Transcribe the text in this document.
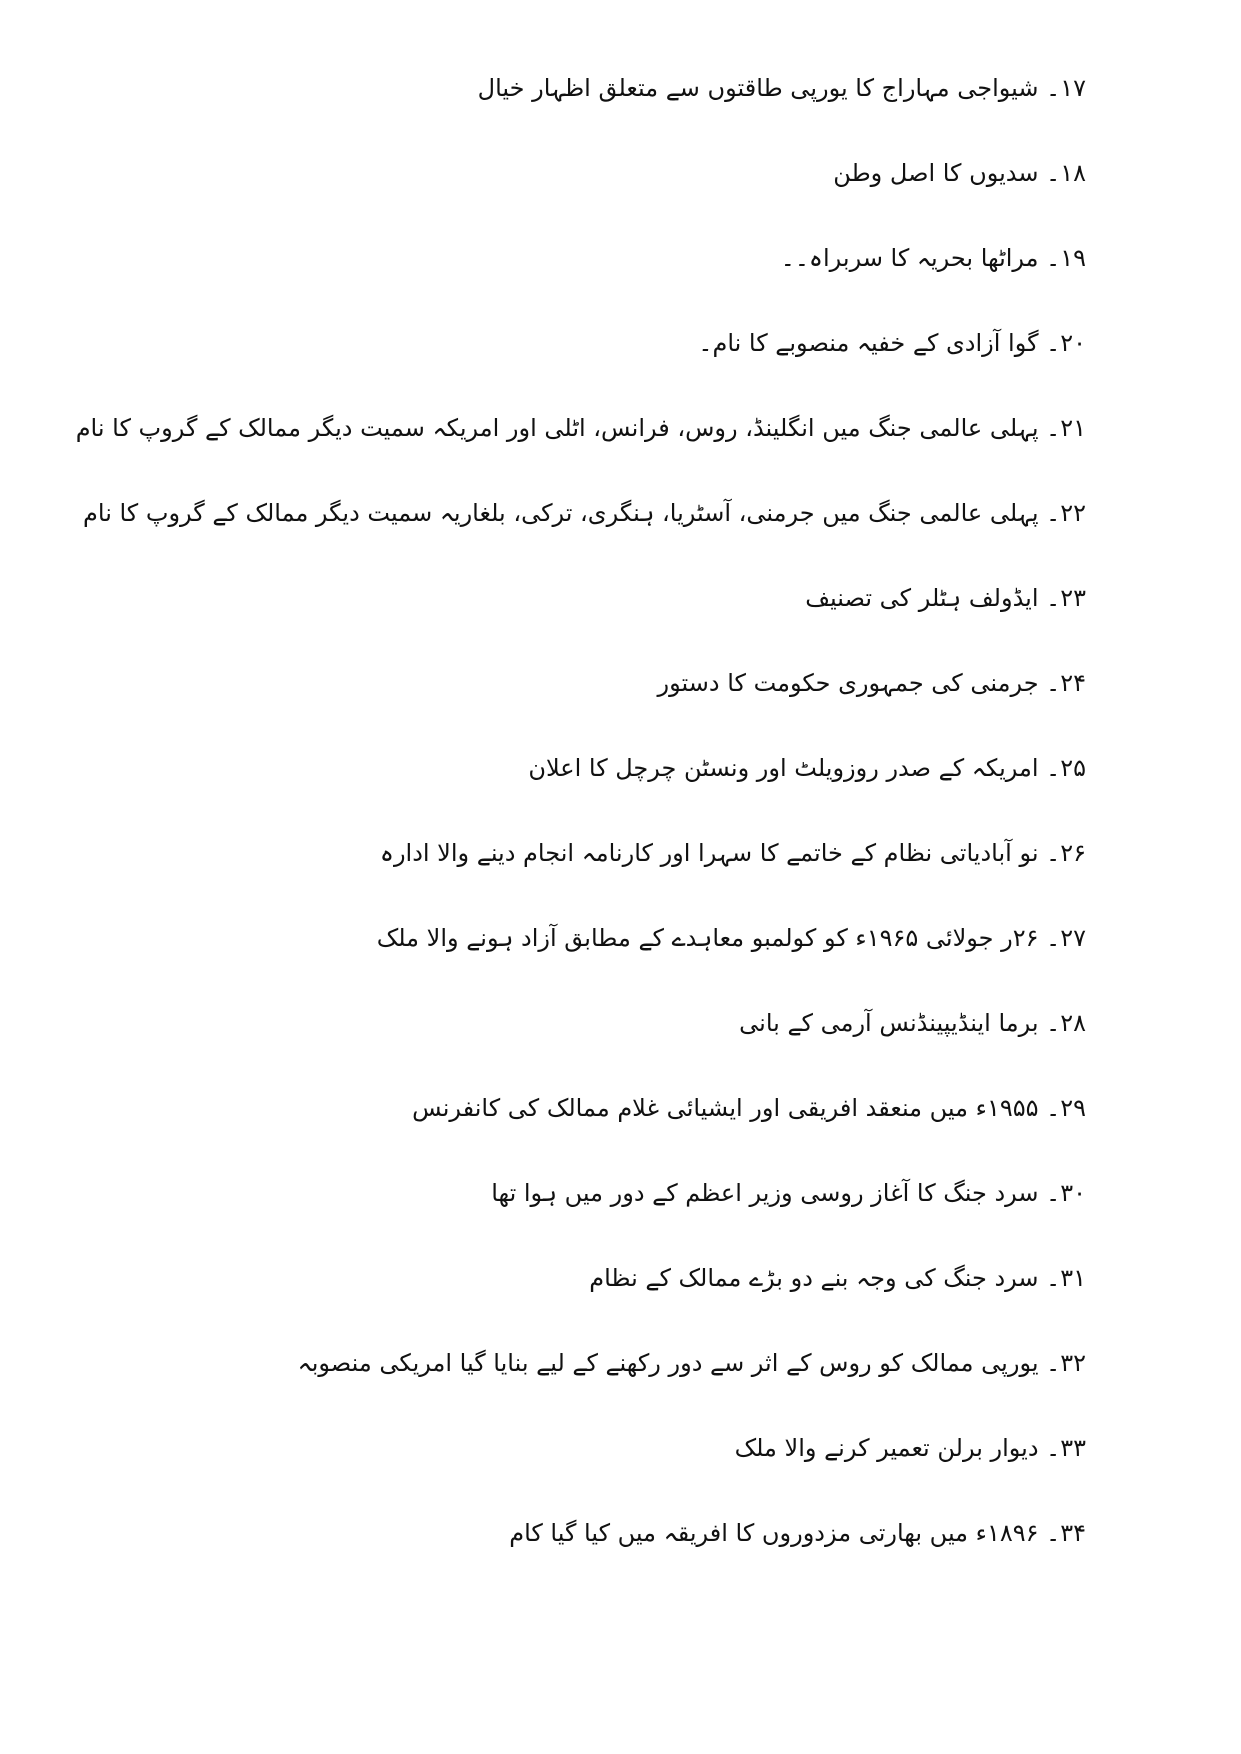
۱۷۔ شیواجی مہاراج کا یورپی طاقتوں سے متعلق اظہار خیال
۱۸۔ سدیوں کا اصل وطن
۱۹۔ مراٹھا بحریہ کا سربراہ۔۔
۲۰۔ گوا آزادی کے خفیہ منصوبے کا نام۔
۲۱۔ پہلی عالمی جنگ میں انگلینڈ، روس، فرانس، اٹلی اور امریکہ سمیت دیگر ممالک کے گروپ کا نام
۲۲۔ پہلی عالمی جنگ میں جرمنی، آسٹریا، ہنگری، ترکی، بلغاریہ سمیت دیگر ممالک کے گروپ کا نام
۲۳۔ ایڈولف ہٹلر کی تصنیف
۲۴۔ جرمنی کی جمہوری حکومت کا دستور
۲۵۔ امریکہ کے صدر روزویلٹ اور ونسٹن چرچل کا اعلان
۲۶۔ نو آبادیاتی نظام کے خاتمے کا سہرا اور کارنامہ انجام دینے والا ادارہ
۲۷۔ ۲۶ر جولائی ۱۹۶۵ء کو کولمبو معاہدے کے مطابق آزاد ہونے والا ملک
۲۸۔ برما اینڈیپینڈنس آرمی کے بانی
۲۹۔ ۱۹۵۵ء میں منعقد افریقی اور ایشیائی غلام ممالک کی کانفرنس
۳۰۔ سرد جنگ کا آغاز روسی وزیر اعظم کے دور میں ہوا تھا
۳۱۔ سرد جنگ کی وجہ بنے دو بڑے ممالک کے نظام
۳۲۔ یورپی ممالک کو روس کے اثر سے دور رکھنے کے لیے بنایا گیا امریکی منصوبہ
۳۳۔ دیوار برلن تعمیر کرنے والا ملک
۳۴۔ ۱۸۹۶ء میں بھارتی مزدوروں کا افریقہ میں کیا گیا کام
